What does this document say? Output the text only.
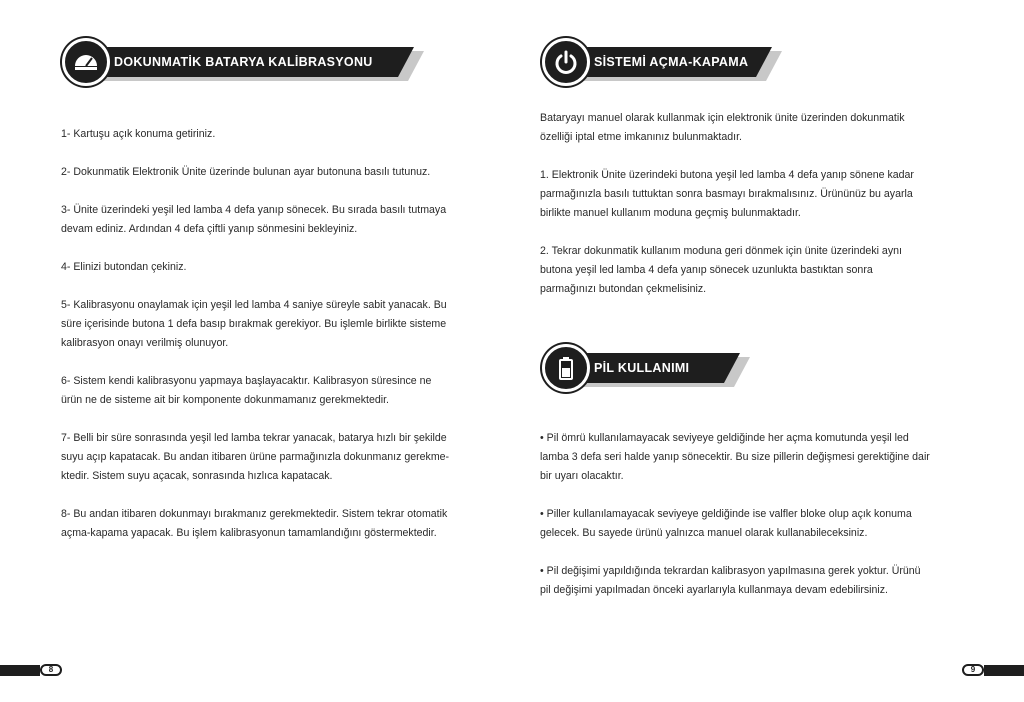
DOKUNMATİK BATARYA KALİBRASYONU
1- Kartuşu açık konuma getiriniz.
2- Dokunmatik Elektronik Ünite üzerinde bulunan ayar butonuna basılı tutunuz.
3- Ünite üzerindeki yeşil led lamba 4 defa yanıp sönecek. Bu sırada basılı tutmaya
devam ediniz. Ardından 4 defa çiftli yanıp sönmesini bekleyiniz.
4- Elinizi butondan çekiniz.
5- Kalibrasyonu onaylamak için yeşil led lamba 4 saniye süreyle sabit yanacak. Bu
süre içerisinde butona 1 defa basıp bırakmak gerekiyor. Bu işlemle birlikte sisteme
kalibrasyon onayı verilmiş olunuyor.
6- Sistem kendi kalibrasyonu yapmaya başlayacaktır. Kalibrasyon süresince ne
ürün ne de sisteme ait bir komponente dokunmamanız gerekmektedir.
7- Belli bir süre sonrasında yeşil led lamba tekrar yanacak, batarya hızlı bir şekilde
suyu açıp kapatacak. Bu andan itibaren ürüne parmağınızla dokunmanız gerekme-
ktedir. Sistem suyu açacak, sonrasında hızlıca kapatacak.
8- Bu andan itibaren dokunmayı bırakmanız gerekmektedir. Sistem tekrar otomatik
açma-kapama yapacak. Bu işlem kalibrasyonun tamamlandığını göstermektedir.
SİSTEMİ AÇMA-KAPAMA
Bataryayı manuel olarak kullanmak için elektronik ünite üzerinden dokunmatik
özelliği iptal etme imkanınız bulunmaktadır.
1. Elektronik Ünite üzerindeki butona yeşil led lamba 4 defa yanıp sönene kadar
parmağınızla basılı tuttuktan sonra basmayı bırakmalısınız. Ürününüz bu ayarla
birlikte manuel kullanım moduna geçmiş bulunmaktadır.
2. Tekrar dokunmatik kullanım moduna geri dönmek için ünite üzerindeki aynı
butona yeşil led lamba 4 defa yanıp sönecek uzunlukta bastıktan sonra
parmağınızı butondan çekmelisiniz.
PİL KULLANIMI
• Pil ömrü kullanılamayacak seviyeye geldiğinde her açma komutunda yeşil led
lamba 3 defa seri halde yanıp sönecektir. Bu size pillerin değişmesi gerektiğine dair
bir uyarı olacaktır.
• Piller kullanılamayacak seviyeye geldiğinde ise valfler bloke olup açık konuma
gelecek. Bu sayede ürünü yalnızca manuel olarak kullanabileceksiniz.
• Pil değişimi yapıldığında tekrardan kalibrasyon yapılmasına gerek yoktur. Ürünü
pil değişimi yapılmadan önceki ayarlarıyla kullanmaya devam edebilirsiniz.
8	9
